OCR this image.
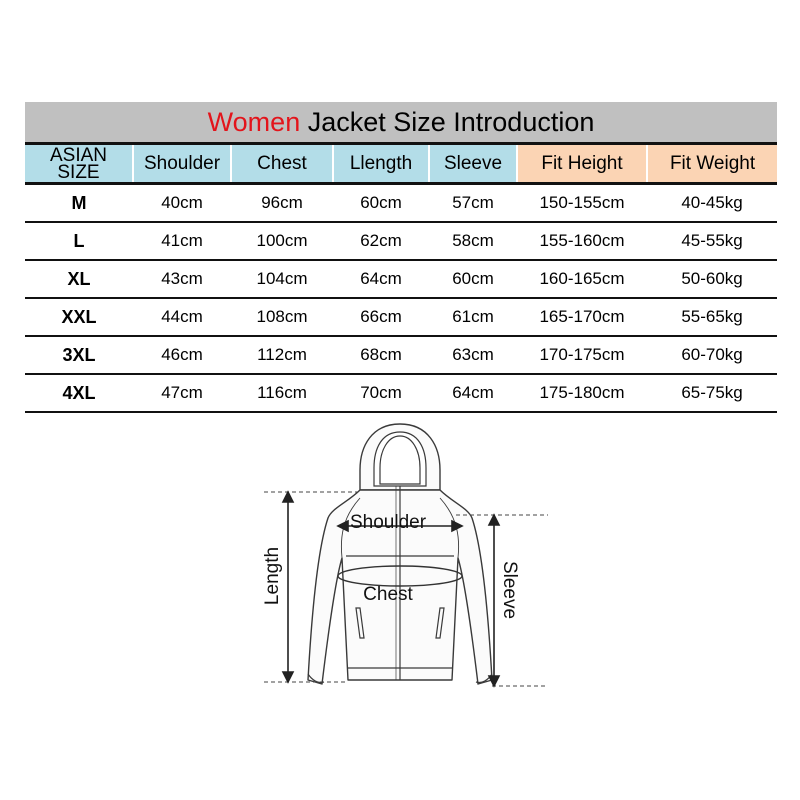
Women Jacket Size Introduction						

ASIAN
SIZE	Shoulder	Chest	Llength	Sleeve	Fit Height	Fit Weight
M	40cm	96cm	60cm	57cm	150-155cm	40-45kg
L	41cm	100cm	62cm	58cm	155-160cm	45-55kg
XL	43cm	104cm	64cm	60cm	160-165cm	50-60kg
XXL	44cm	108cm	66cm	61cm	165-170cm	55-65kg
3XL	46cm	112cm	68cm	63cm	170-175cm	60-70kg
4XL	47cm	116cm	70cm	64cm	175-180cm	65-75kg
Shoulder
Chest
Length	Sleeve
